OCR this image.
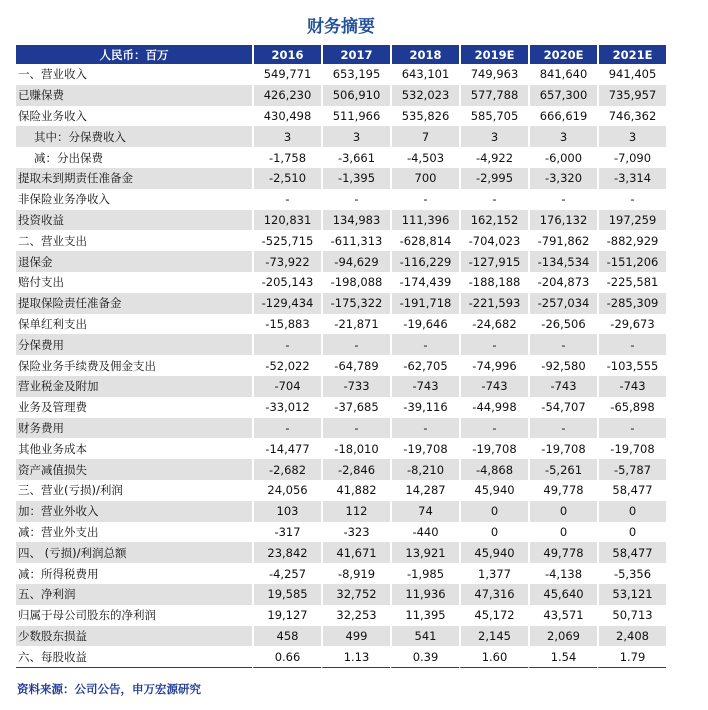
财务摘要
人民币：百万	2016	2017	2018	2019E	2020E	2021E
一、营业收入	549,771	653,195	643,101	749,963	841,640	941,405
已赚保费	426,230	506,910	532,023	577,788	657,300	735,957
保险业务收入	430,498	511,966	535,826	585,705	666,619	746,362
其中：分保费收入	3	3	7	3	3	3
减：分出保费	-1,758	-3,661	-4,503	-4,922	-6,000	-7,090
提取未到期责任准备金	-2,510	-1,395	700	-2,995	-3,320	-3,314
非保险业务净收入	-	-	-	-	-	-
投资收益	120,831	134,983	111,396	162,152	176,132	197,259
二、营业支出	-525,715	-611,313	-628,814	-704,023	-791,862	-882,929
退保金	-73,922	-94,629	-116,229	-127,915	-134,534	-151,206
赔付支出	-205,143	-198,088	-174,439	-188,188	-204,873	-225,581
提取保险责任准备金	-129,434	-175,322	-191,718	-221,593	-257,034	-285,309
保单红利支出	-15,883	-21,871	-19,646	-24,682	-26,506	-29,673
分保费用	-	-	-	-	-	-
保险业务手续费及佣金支出	-52,022	-64,789	-62,705	-74,996	-92,580	-103,555
营业税金及附加	-704	-733	-743	-743	-743	-743
业务及管理费	-33,012	-37,685	-39,116	-44,998	-54,707	-65,898
财务费用	-	-	-	-	-	-
其他业务成本	-14,477	-18,010	-19,708	-19,708	-19,708	-19,708
资产减值损失	-2,682	-2,846	-8,210	-4,868	-5,261	-5,787
三、营业(亏损)/利润	24,056	41,882	14,287	45,940	49,778	58,477
加：营业外收入	103	112	74	0	0	0
减：营业外支出	-317	-323	-440	0	0	0
四、 (亏损)/利润总额	23,842	41,671	13,921	45,940	49,778	58,477
减：所得税费用	-4,257	-8,919	-1,985	1,377	-4,138	-5,356
五、净利润	19,585	32,752	11,936	47,316	45,640	53,121
归属于母公司股东的净利润	19,127	32,253	11,395	45,172	43,571	50,713
少数股东损益	458	499	541	2,145	2,069	2,408
六、每股收益	0.66	1.13	0.39	1.60	1.54	1.79
资料来源：公司公告，申万宏源研究
